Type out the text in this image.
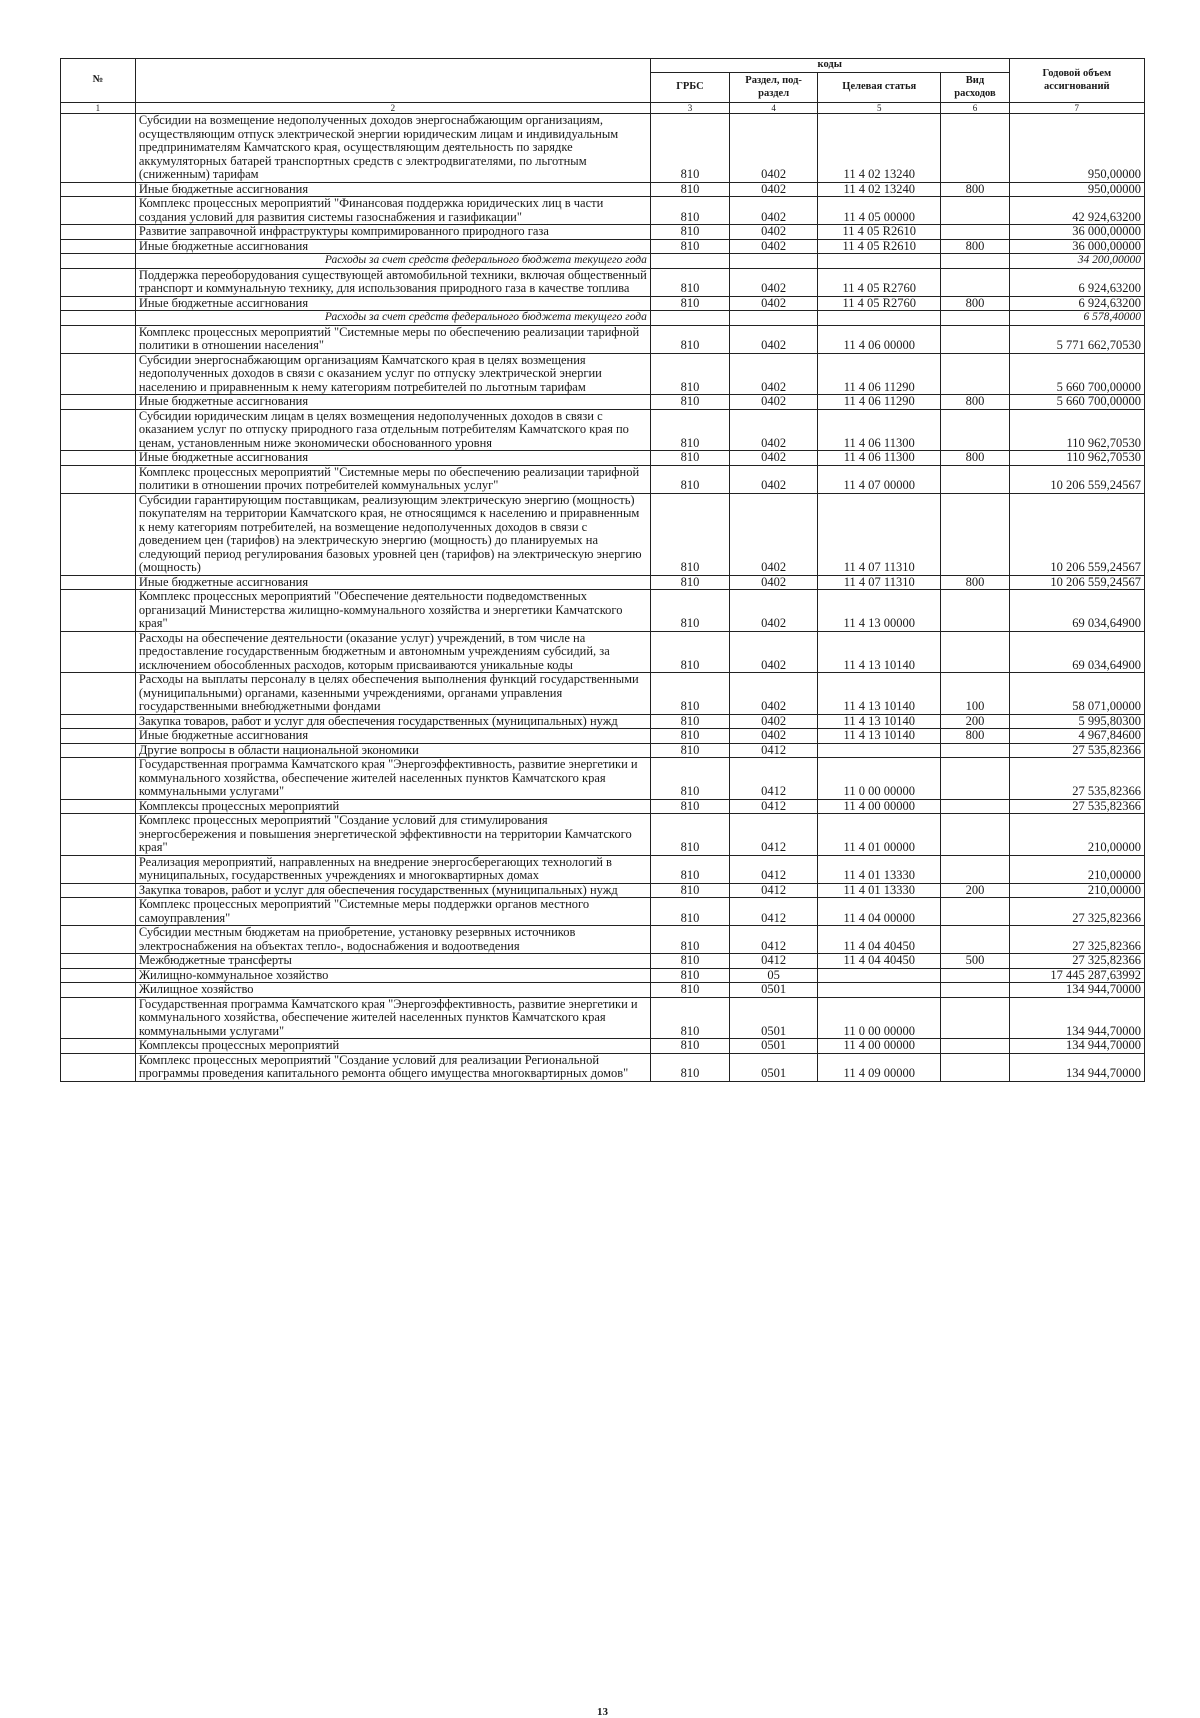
№		коды				Годовой объем ассигнований
		ГРБС	Раздел, под-раздел	Целевая статья	Вид расходов	
1	2	3	4	5	6	7
	Субсидии на возмещение недополученных доходов энергоснабжающим организациям, осуществляющим отпуск электрической энергии юридическим лицам и индивидуальным предпринимателям Камчатского края, осуществляющим деятельность по зарядке аккумуляторных батарей транспортных средств с электродвигателями, по льготным (сниженным) тарифам	810	0402	11 4 02 13240		950,00000
	Иные бюджетные ассигнования	810	0402	11 4 02 13240	800	950,00000
	Комплекс процессных мероприятий "Финансовая поддержка юридических лиц в части создания условий для развития системы газоснабжения и газификации"	810	0402	11 4 05 00000		42 924,63200
	Развитие заправочной инфраструктуры компримированного природного газа	810	0402	11 4 05 R2610		36 000,00000
	Иные бюджетные ассигнования	810	0402	11 4 05 R2610	800	36 000,00000
	Расходы за счет средств федерального бюджета текущего года					34 200,00000
	Поддержка переоборудования существующей автомобильной техники, включая общественный транспорт и коммунальную технику, для использования природного газа в качестве топлива	810	0402	11 4 05 R2760		6 924,63200
	Иные бюджетные ассигнования	810	0402	11 4 05 R2760	800	6 924,63200
	Расходы за счет средств федерального бюджета текущего года					6 578,40000
	Комплекс процессных мероприятий "Системные меры по обеспечению реализации тарифной политики в отношении населения"	810	0402	11 4 06 00000		5 771 662,70530
	Субсидии энергоснабжающим организациям Камчатского края в целях возмещения недополученных доходов в связи с оказанием услуг по отпуску электрической энергии населению и приравненным к нему категориям потребителей по льготным тарифам	810	0402	11 4 06 11290		5 660 700,00000
	Иные бюджетные ассигнования	810	0402	11 4 06 11290	800	5 660 700,00000
	Субсидии юридическим лицам в целях возмещения недополученных доходов в связи с оказанием услуг по отпуску природного газа отдельным потребителям Камчатского края по ценам, установленным ниже экономически обоснованного уровня	810	0402	11 4 06 11300		110 962,70530
	Иные бюджетные ассигнования	810	0402	11 4 06 11300	800	110 962,70530
	Комплекс процессных мероприятий "Системные меры по обеспечению реализации тарифной политики в отношении прочих потребителей коммунальных услуг"	810	0402	11 4 07 00000		10 206 559,24567
	Субсидии гарантирующим поставщикам, реализующим электрическую энергию (мощность) покупателям на территории Камчатского края, не относящимся к населению и приравненным к нему категориям потребителей, на возмещение недополученных доходов в связи с доведением цен (тарифов) на электрическую энергию (мощность) до планируемых на следующий период регулирования базовых уровней цен (тарифов) на электрическую энергию (мощность)	810	0402	11 4 07 11310		10 206 559,24567
	Иные бюджетные ассигнования	810	0402	11 4 07 11310	800	10 206 559,24567
	Комплекс процессных мероприятий "Обеспечение деятельности подведомственных организаций Министерства жилищно-коммунального хозяйства и энергетики Камчатского края"	810	0402	11 4 13 00000		69 034,64900
	Расходы на обеспечение деятельности (оказание услуг) учреждений, в том числе на предоставление государственным бюджетным и автономным учреждениям субсидий, за исключением обособленных расходов, которым присваиваются уникальные коды	810	0402	11 4 13 10140		69 034,64900
	Расходы на выплаты персоналу в целях обеспечения выполнения функций государственными (муниципальными) органами, казенными учреждениями, органами управления государственными внебюджетными фондами	810	0402	11 4 13 10140	100	58 071,00000
	Закупка товаров, работ и услуг для обеспечения государственных (муниципальных) нужд	810	0402	11 4 13 10140	200	5 995,80300
	Иные бюджетные ассигнования	810	0402	11 4 13 10140	800	4 967,84600
	Другие вопросы в области национальной экономики	810	0412			27 535,82366
	Государственная программа Камчатского края "Энергоэффективность, развитие энергетики и коммунального хозяйства, обеспечение жителей населенных пунктов Камчатского края коммунальными услугами"	810	0412	11 0 00 00000		27 535,82366
	Комплексы процессных мероприятий	810	0412	11 4 00 00000		27 535,82366
	Комплекс процессных мероприятий "Создание условий для стимулирования энергосбережения и повышения энергетической эффективности на территории Камчатского края"	810	0412	11 4 01 00000		210,00000
	Реализация мероприятий, направленных на внедрение энергосберегающих технологий в муниципальных, государственных учреждениях и многоквартирных домах	810	0412	11 4 01 13330		210,00000
	Закупка товаров, работ и услуг для обеспечения государственных (муниципальных) нужд	810	0412	11 4 01 13330	200	210,00000
	Комплекс процессных мероприятий "Системные меры поддержки органов местного самоуправления"	810	0412	11 4 04 00000		27 325,82366
	Субсидии местным бюджетам на приобретение, установку резервных источников электроснабжения на объектах тепло-, водоснабжения и водоотведения	810	0412	11 4 04 40450		27 325,82366
	Межбюджетные трансферты	810	0412	11 4 04 40450	500	27 325,82366
	Жилищно-коммунальное хозяйство	810	05			17 445 287,63992
	Жилищное хозяйство	810	0501			134 944,70000
	Государственная программа Камчатского края "Энергоэффективность, развитие энергетики и коммунального хозяйства, обеспечение жителей населенных пунктов Камчатского края коммунальными услугами"	810	0501	11 0 00 00000		134 944,70000
	Комплексы процессных мероприятий	810	0501	11 4 00 00000		134 944,70000
	Комплекс процессных мероприятий "Создание условий для реализации Региональной программы проведения капитального ремонта общего имущества многоквартирных домов"	810	0501	11 4 09 00000		134 944,70000
13
